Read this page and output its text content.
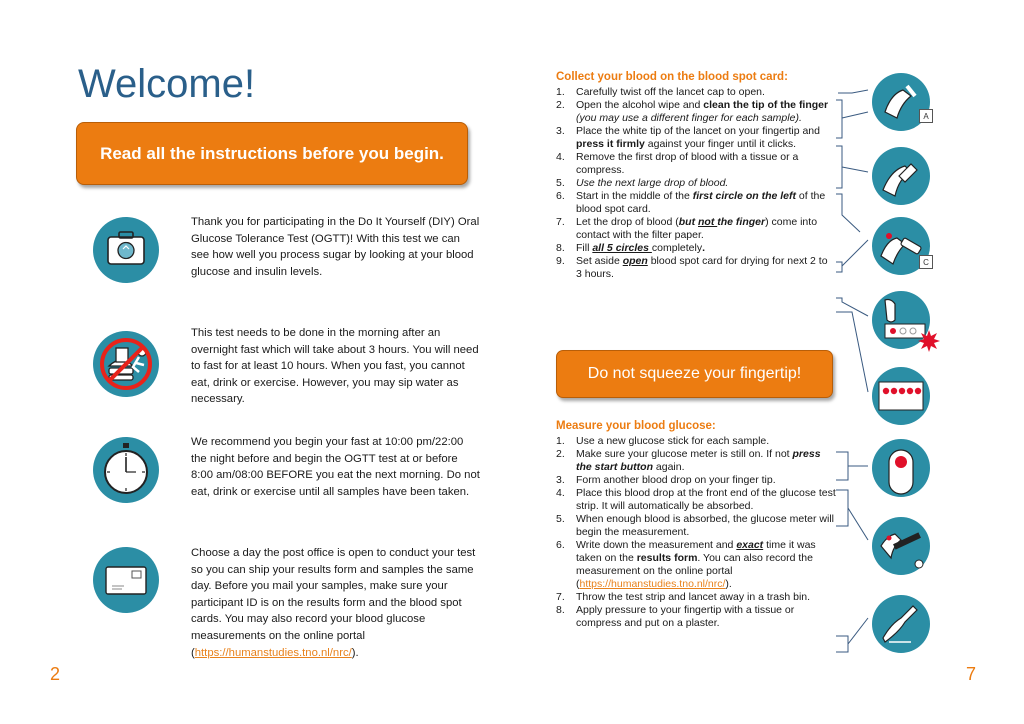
Welcome!
Read all the instructions before you begin.
Thank you for participating in the Do It Yourself (DIY) Oral Glucose Tolerance Test (OGTT)! With this test we can see how well you process sugar by looking at your blood glucose and insulin levels.
This test needs to be done in the morning after an overnight fast which will take about 3 hours. You will need to fast for at least 10 hours. When you fast, you cannot eat, drink or exercise. However, you may sip water as necessary.
We recommend you begin your fast at 10:00 pm/22:00 the night before and begin the OGTT test at or before 8:00 am/08:00 BEFORE you eat the next morning. Do not eat, drink or exercise until all samples have been taken.
Choose a day the post office is open to conduct your test so you can ship your results form and samples the same day. Before you mail your samples, make sure your participant ID is on the results form and the blood spot cards. You may also record your blood glucose measurements on the online portal (https://humanstudies.tno.nl/nrc/).
2
Collect your blood on the blood spot card:
1. Carefully twist off the lancet cap to open.
2. Open the alcohol wipe and clean the tip of the finger (you may use a different finger for each sample).
3. Place the white tip of the lancet on your fingertip and press it firmly against your finger until it clicks.
4. Remove the first drop of blood with a tissue or a compress.
5. Use the next large drop of blood.
6. Start in the middle of the first circle on the left of the blood spot card.
7. Let the drop of blood (but not the finger) come into contact with the filter paper.
8. Fill all 5 circles completely.
9. Set aside open blood spot card for drying for next 2 to 3 hours.
Do not squeeze your fingertip!
Measure your blood glucose:
1. Use a new glucose stick for each sample.
2. Make sure your glucose meter is still on. If not press the start button again.
3. Form another blood drop on your finger tip.
4. Place this blood drop at the front end of the glucose test strip. It will automatically be absorbed.
5. When enough blood is absorbed, the glucose meter will begin the measurement.
6. Write down the measurement and exact time it was taken on the results form. You can also record the measurement on the online portal (https://humanstudies.tno.nl/nrc/).
7. Throw the test strip and lancet away in a trash bin.
8. Apply pressure to your fingertip with a tissue or compress and put on a plaster.
7
A
C
